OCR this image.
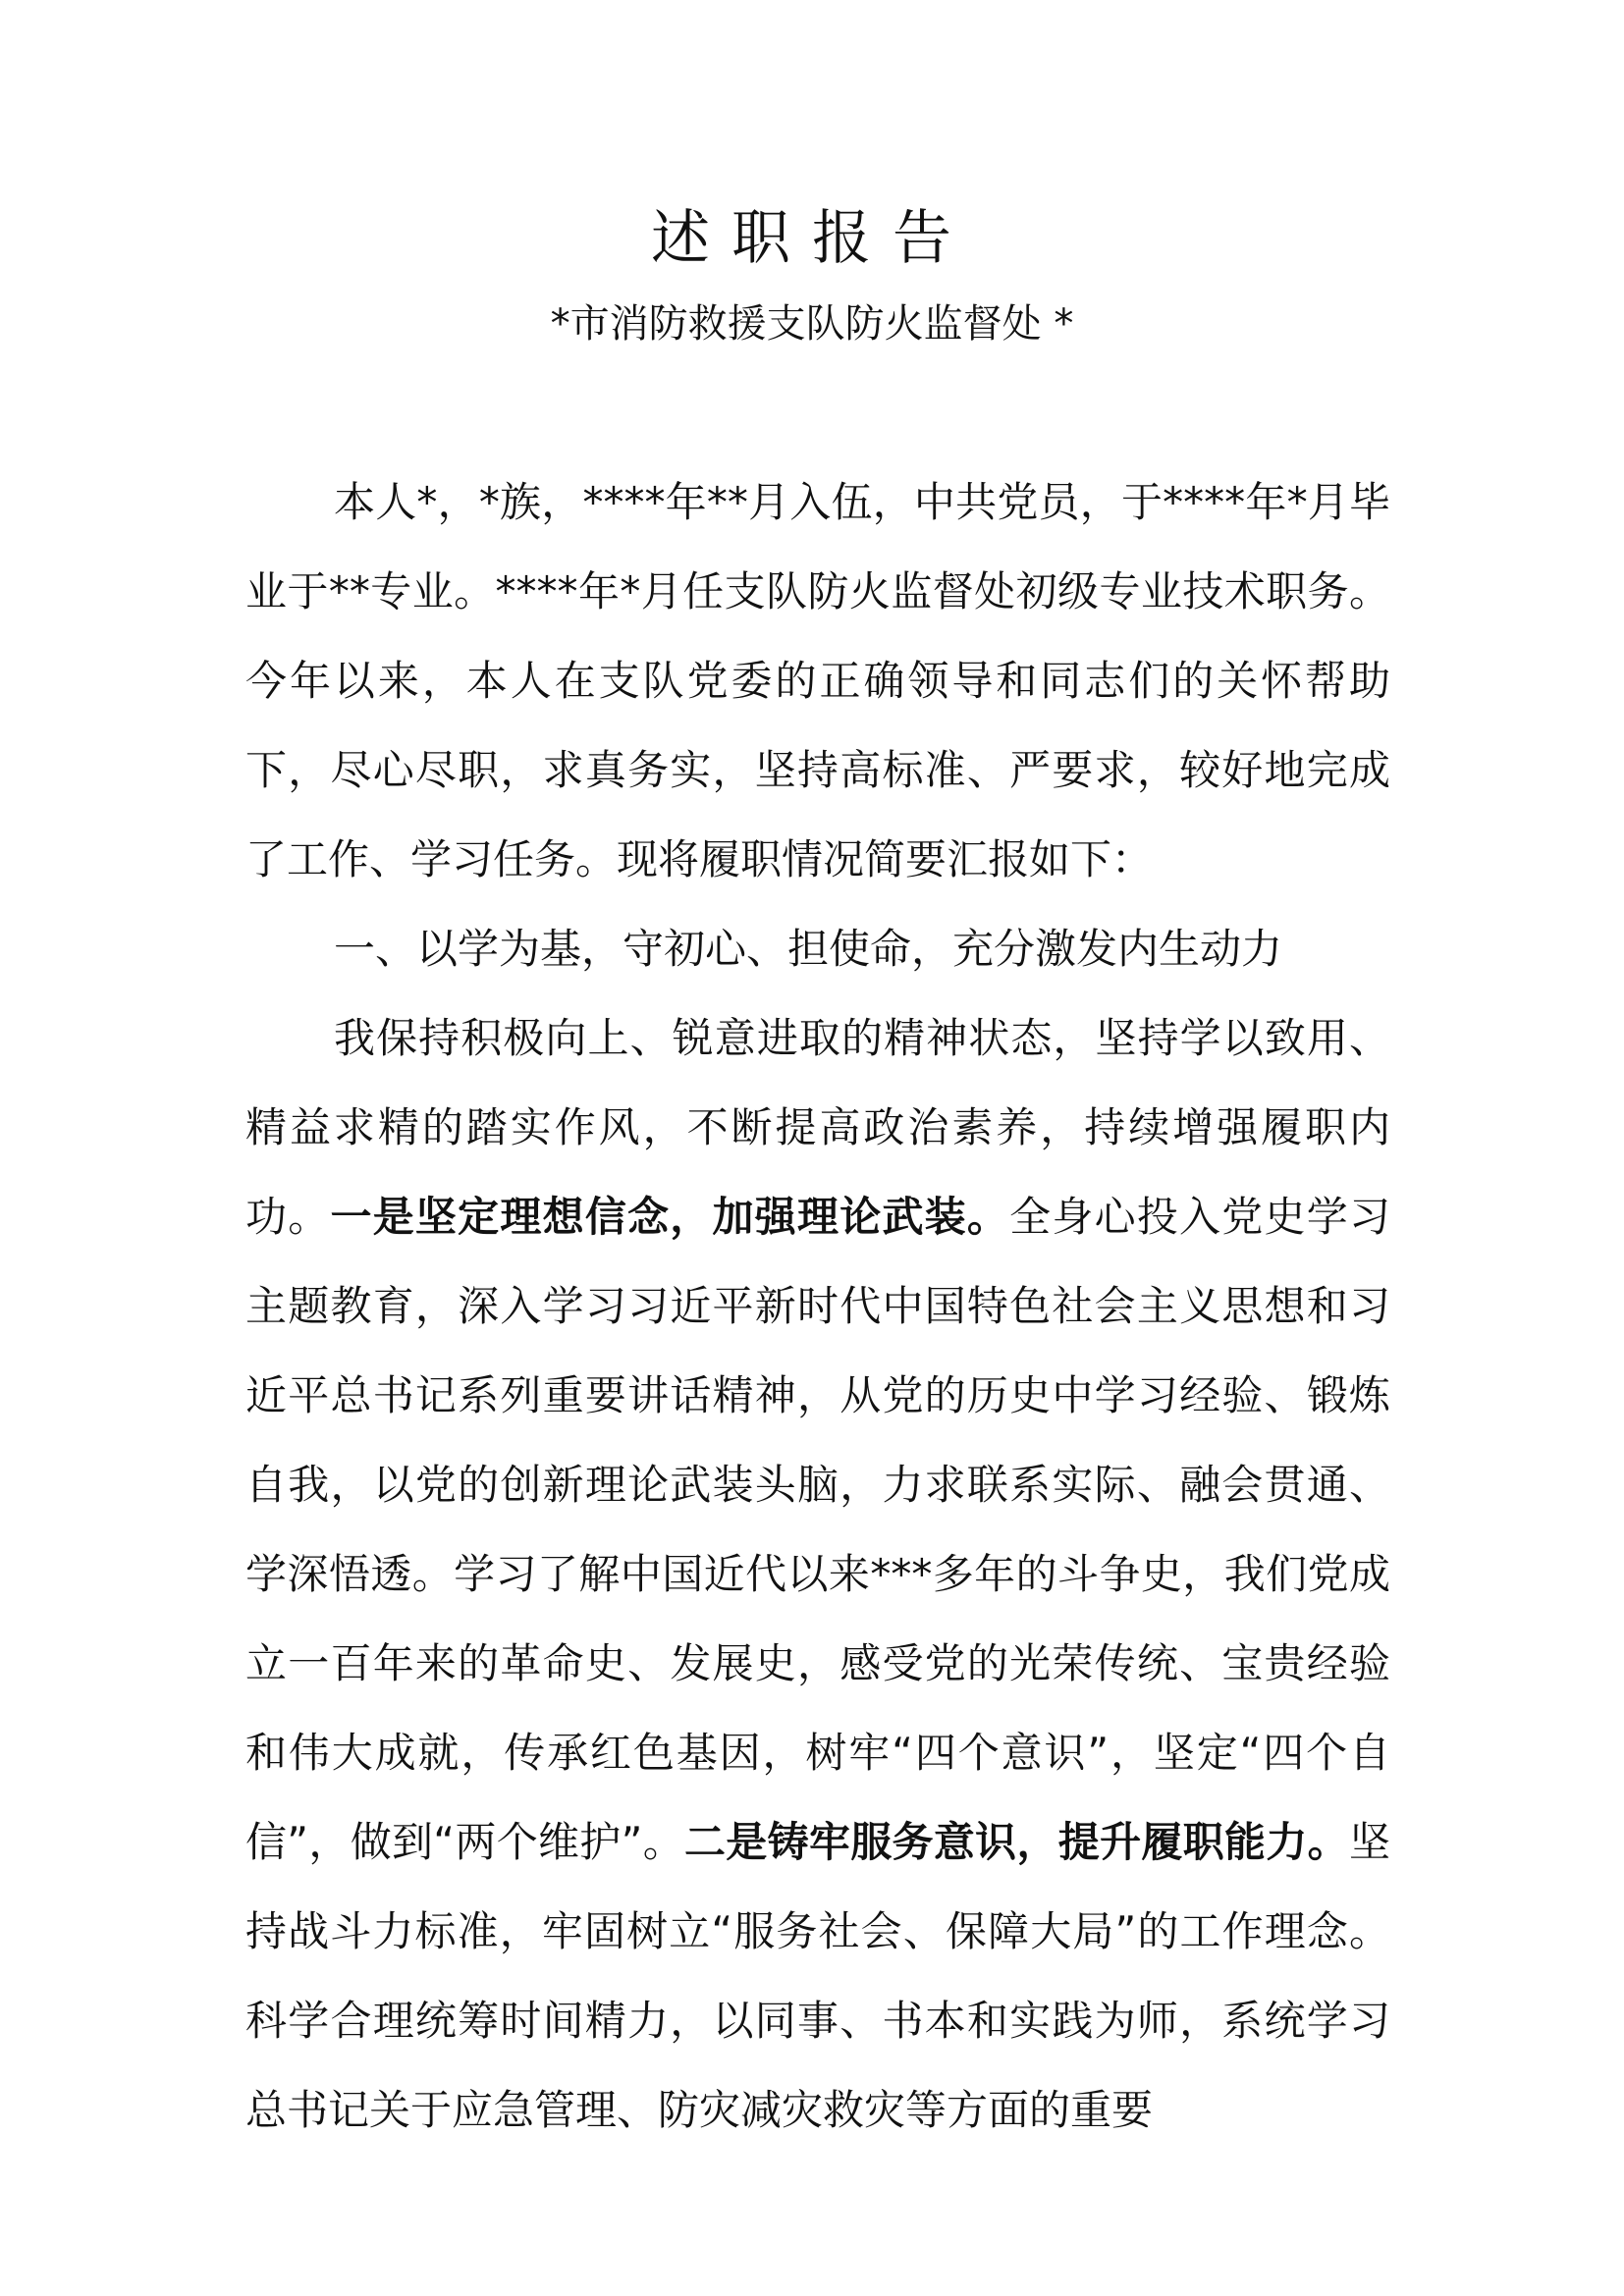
述职报告
*市消防救援支队防火监督处 *

本人*，*族，****年**月入伍，中共党员，于****年*月毕业于**专业。****年*月任支队防火监督处初级专业技术职务。今年以来，本人在支队党委的正确领导和同志们的关怀帮助下，尽心尽职，求真务实，坚持高标准、严要求，较好地完成了工作、学习任务。现将履职情况简要汇报如下：

一、以学为基，守初心、担使命，充分激发内生动力

我保持积极向上、锐意进取的精神状态，坚持学以致用、精益求精的踏实作风，不断提高政治素养，持续增强履职内功。一是坚定理想信念，加强理论武装。全身心投入党史学习主题教育，深入学习习近平新时代中国特色社会主义思想和习近平总书记系列重要讲话精神，从党的历史中学习经验、锻炼自我，以党的创新理论武装头脑，力求联系实际、融会贯通、学深悟透。学习了解中国近代以来***多年的斗争史，我们党成立一百年来的革命史、发展史，感受党的光荣传统、宝贵经验和伟大成就，传承红色基因，树牢“四个意识”，坚定“四个自信”，做到“两个维护”。二是铸牢服务意识，提升履职能力。坚持战斗力标准，牢固树立“服务社会、保障大局”的工作理念。科学合理统筹时间精力，以同事、书本和实践为师，系统学习总书记关于应急管理、防灾减灾救灾等方面的重要
